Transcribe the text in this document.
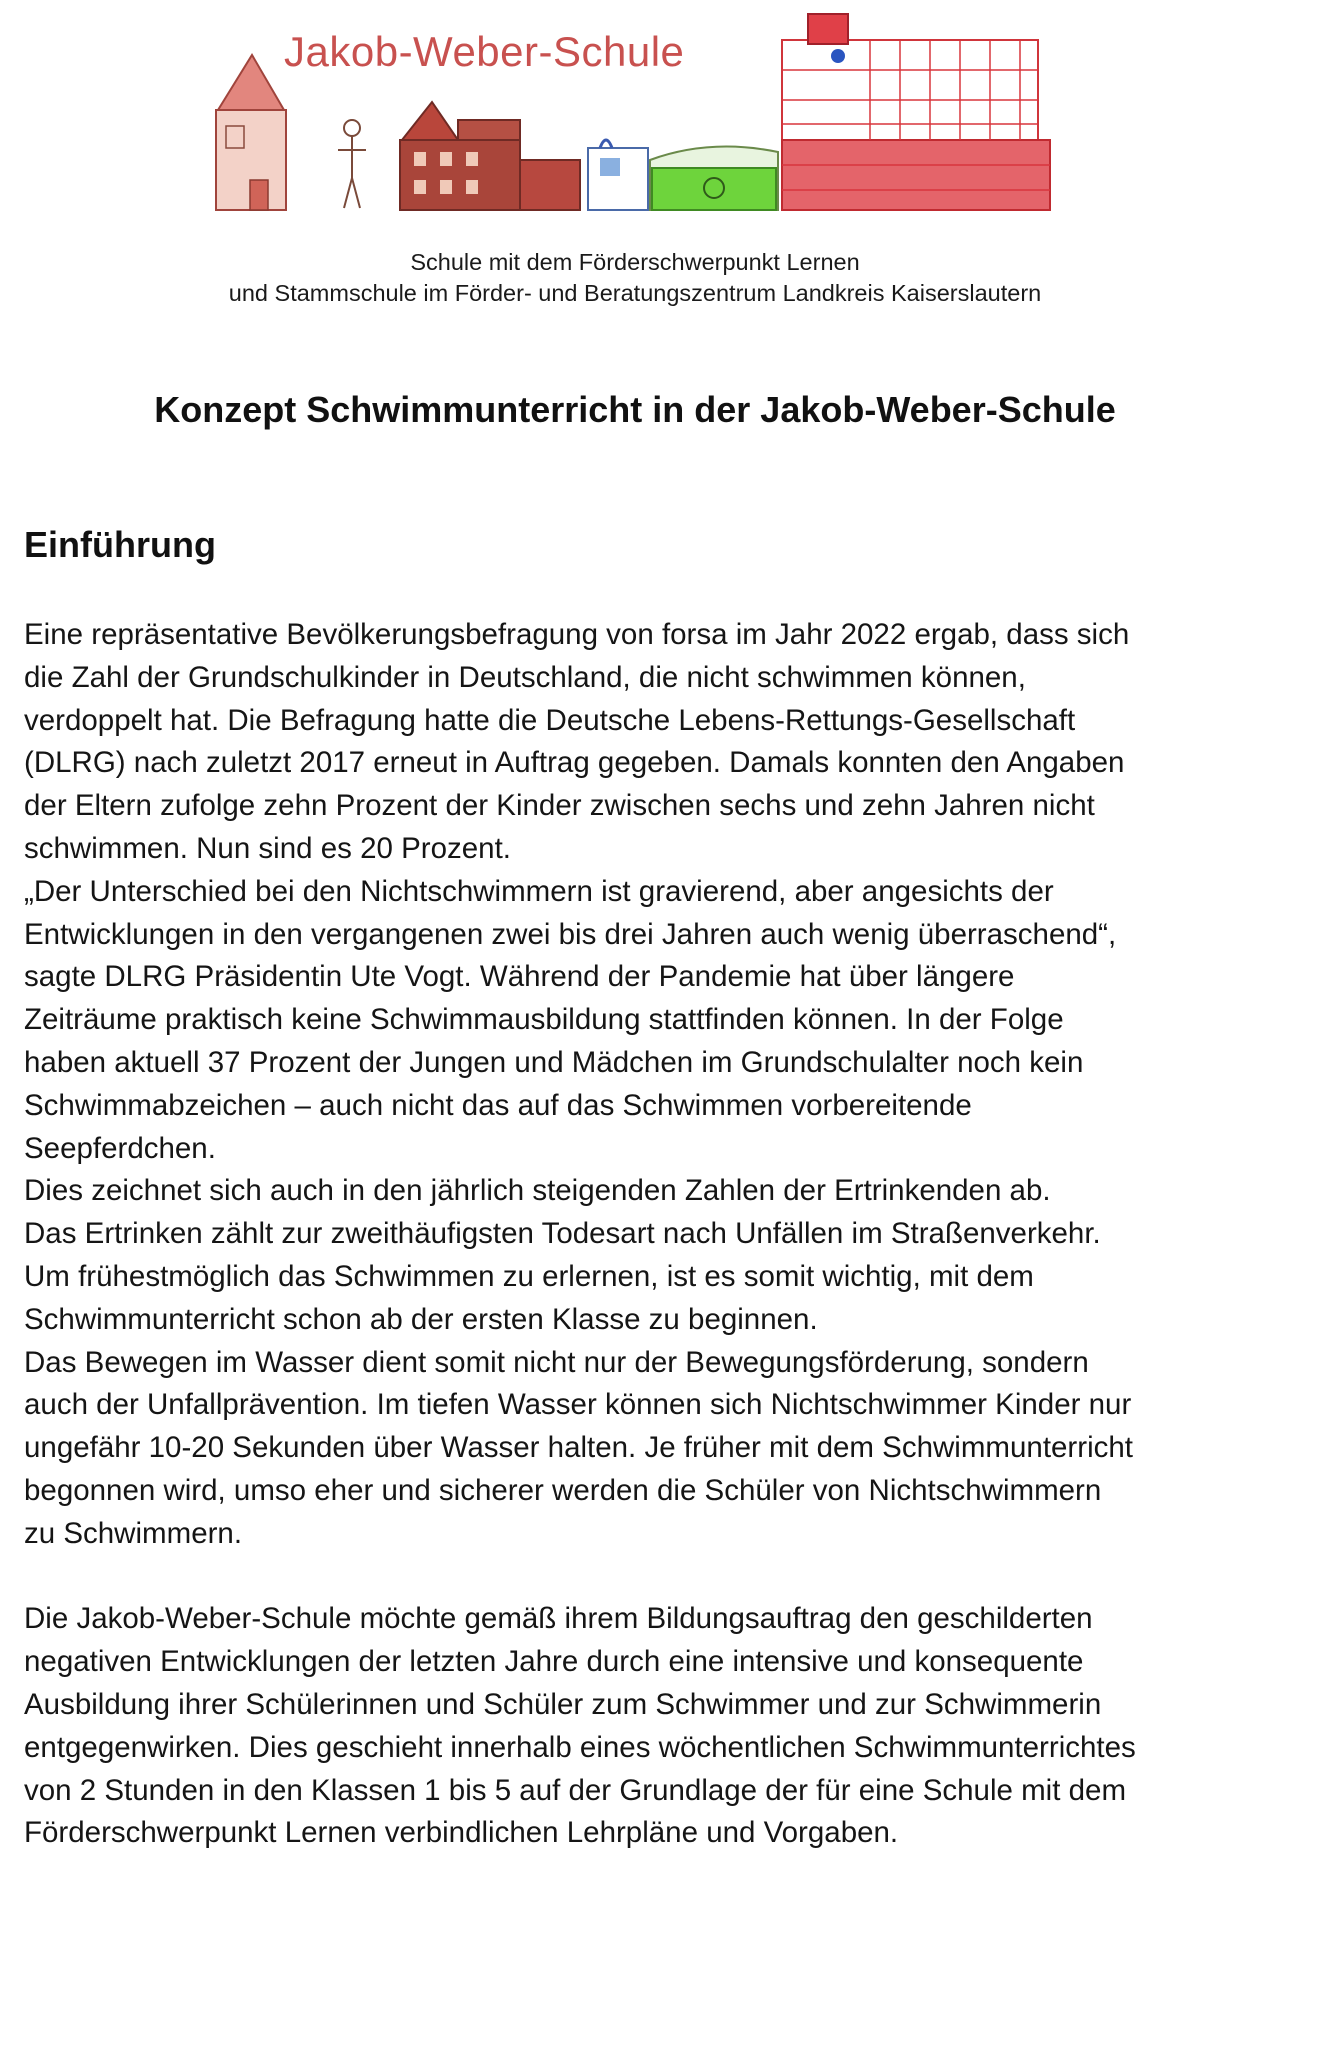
Jakob-Weber-Schule
Schule mit dem Förderschwerpunkt Lernen
und Stammschule im Förder- und Beratungszentrum Landkreis Kaiserslautern
Konzept Schwimmunterricht in der Jakob-Weber-Schule
Einführung

Eine repräsentative Bevölkerungsbefragung von forsa im Jahr 2022 ergab, dass sich
die Zahl der Grundschulkinder in Deutschland, die nicht schwimmen können,
verdoppelt hat. Die Befragung hatte die Deutsche Lebens-Rettungs-Gesellschaft
(DLRG) nach zuletzt 2017 erneut in Auftrag gegeben. Damals konnten den Angaben
der Eltern zufolge zehn Prozent der Kinder zwischen sechs und zehn Jahren nicht
schwimmen. Nun sind es 20 Prozent.
„Der Unterschied bei den Nichtschwimmern ist gravierend, aber angesichts der
Entwicklungen in den vergangenen zwei bis drei Jahren auch wenig überraschend“,
sagte DLRG Präsidentin Ute Vogt. Während der Pandemie hat über längere
Zeiträume praktisch keine Schwimmausbildung stattfinden können. In der Folge
haben aktuell 37 Prozent der Jungen und Mädchen im Grundschulalter noch kein
Schwimmabzeichen – auch nicht das auf das Schwimmen vorbereitende
Seepferdchen.
Dies zeichnet sich auch in den jährlich steigenden Zahlen der Ertrinkenden ab.
Das Ertrinken zählt zur zweithäufigsten Todesart nach Unfällen im Straßenverkehr.
Um frühestmöglich das Schwimmen zu erlernen, ist es somit wichtig, mit dem
Schwimmunterricht schon ab der ersten Klasse zu beginnen.
Das Bewegen im Wasser dient somit nicht nur der Bewegungsförderung, sondern
auch der Unfallprävention. Im tiefen Wasser können sich Nichtschwimmer Kinder nur
ungefähr 10-20 Sekunden über Wasser halten. Je früher mit dem Schwimmunterricht
begonnen wird, umso eher und sicherer werden die Schüler von Nichtschwimmern
zu Schwimmern.

Die Jakob-Weber-Schule möchte gemäß ihrem Bildungsauftrag den geschilderten
negativen Entwicklungen der letzten Jahre durch eine intensive und konsequente
Ausbildung ihrer Schülerinnen und Schüler zum Schwimmer und zur Schwimmerin
entgegenwirken. Dies geschieht innerhalb eines wöchentlichen Schwimmunterrichtes
von 2 Stunden in den Klassen 1 bis 5 auf der Grundlage der für eine Schule mit dem
Förderschwerpunkt Lernen verbindlichen Lehrpläne und Vorgaben.
